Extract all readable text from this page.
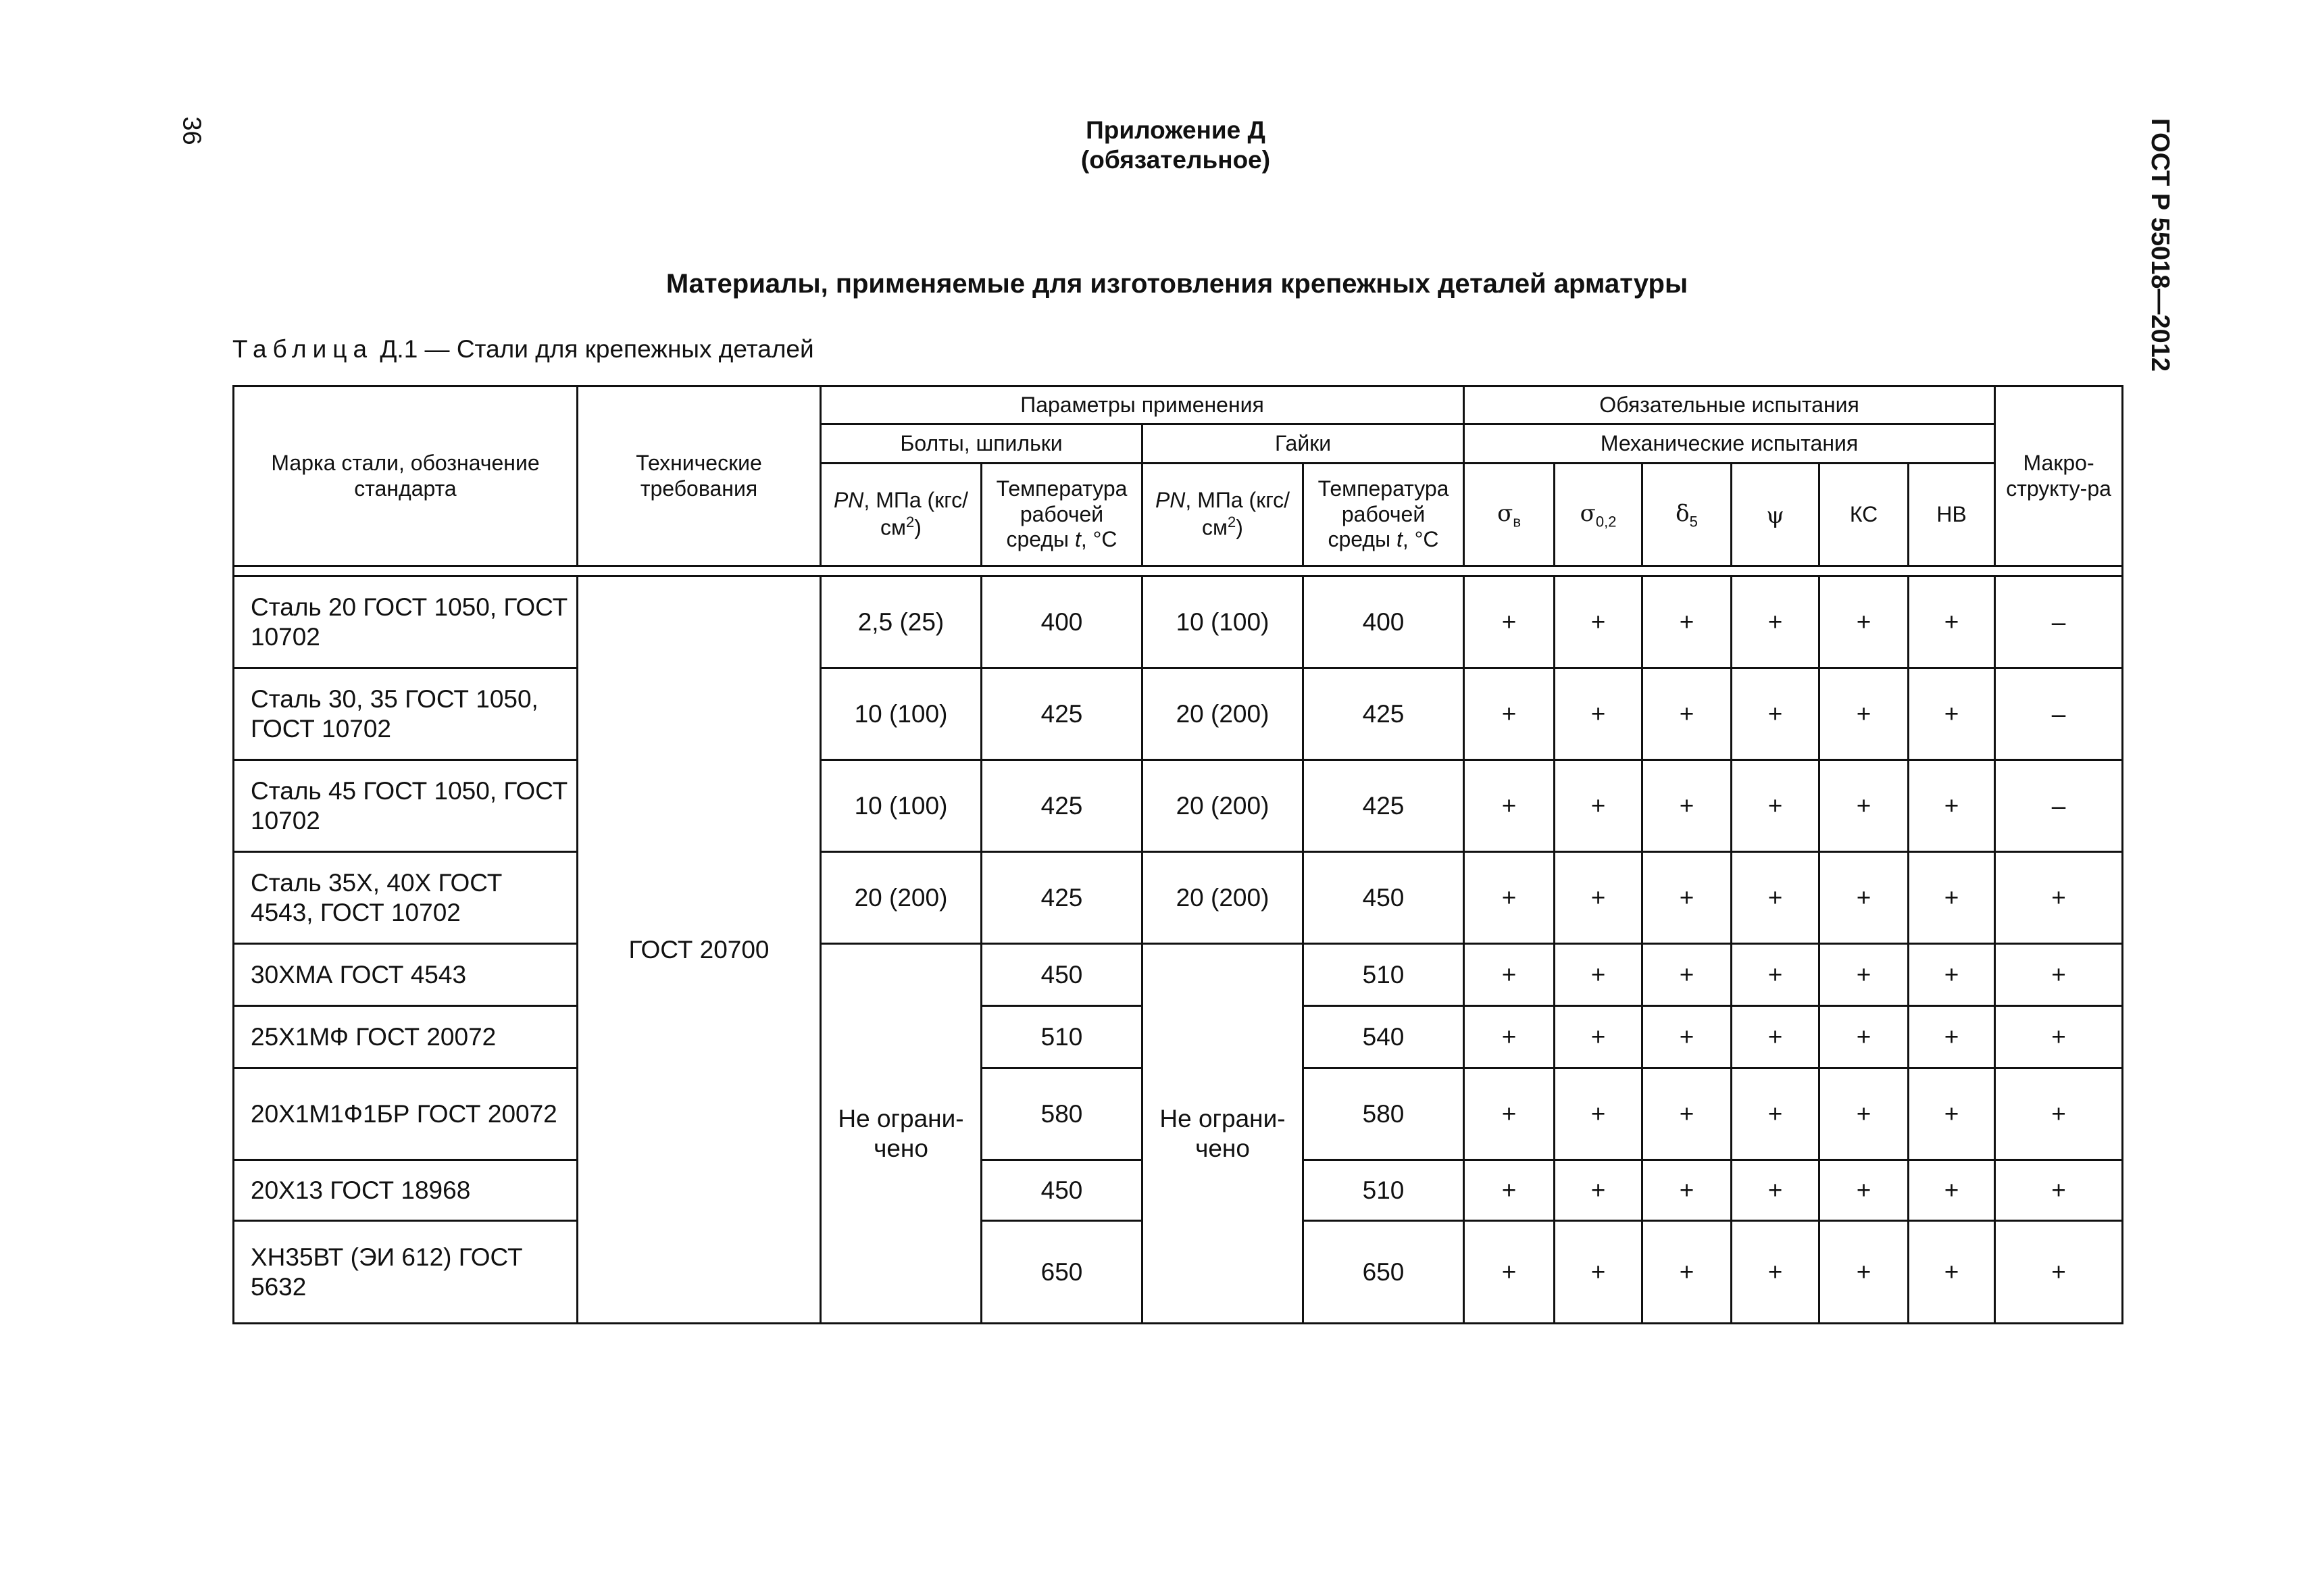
36	ГОСТ Р 55018—2012
Приложение Д
(обязательное)
Материалы, применяемые для изготовления крепежных деталей арматуры
Таблица Д.1 — Стали для крепежных деталей
Марка стали, обозначение стандарта	Технические требования	Параметры применения				Обязательные испытания						Макро-структу-ра
		Болты, шпильки		Гайки		Механические испытания						
		PN, МПа $(кгс/см^2)$	Температура рабочей среды t, °С	PN, МПа $(кгс/см^2)$	Температура рабочей среды t, °С	$\sigma_в$	$\sigma_{0,2}$	$\delta_5$	ψ	КС	НВ	

Сталь 20 ГОСТ 1050, ГОСТ 10702	ГОСТ 20700	2,5 (25)	400	10 (100)	400	+	+	+	+	+	+	–
Сталь 30, 35 ГОСТ 1050, ГОСТ 10702		10 (100)	425	20 (200)	425	+	+	+	+	+	+	–
Сталь 45 ГОСТ 1050, ГОСТ 10702		10 (100)	425	20 (200)	425	+	+	+	+	+	+	–
Сталь 35Х, 40Х ГОСТ 4543, ГОСТ 10702		20 (200)	425	20 (200)	450	+	+	+	+	+	+	+
30ХМА ГОСТ 4543		Не ограни-чено	450	Не ограни-чено	510	+	+	+	+	+	+	+
25Х1МФ ГОСТ 20072			510		540	+	+	+	+	+	+	+
20Х1М1Ф1БР ГОСТ 20072			580		580	+	+	+	+	+	+	+
20Х13 ГОСТ 18968			450		510	+	+	+	+	+	+	+
ХН35ВТ (ЭИ 612) ГОСТ 5632			650		650	+	+	+	+	+	+	+
